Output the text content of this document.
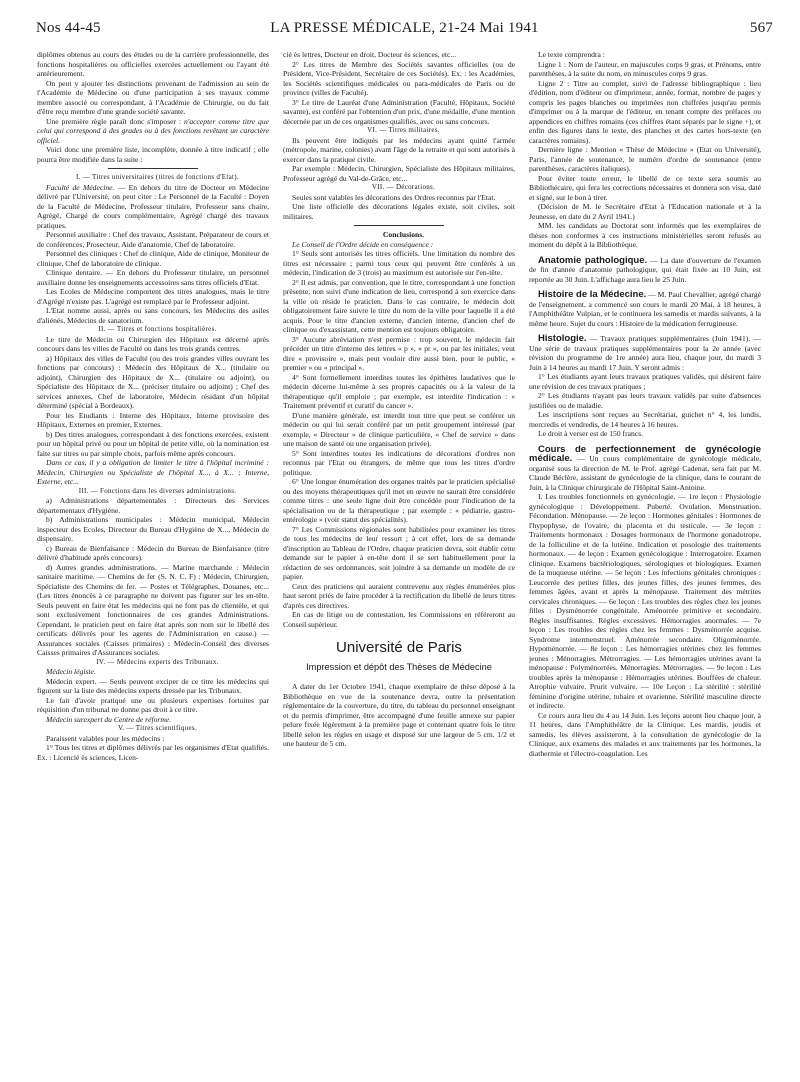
Nos 44-45	LA PRESSE MÉDICALE, 21-24 Mai 1941	567

diplômes obtenus au cours des études ou de la carrière professionnelle, des fonctions hospitalières ou officielles exercées actuellement ou l'ayant été antérieurement.

On peut y ajouter les distinctions provenant de l'admission au sein de l'Académie de Médecine ou d'une participation à ses travaux comme membre associé ou correspondant, à l'Académie de Chirurgie, ou du fait d'être reçu membre d'une grande société savante.

Une première règle paraît donc s'imposer : n'accepter comme titre que celui qui correspond à des grades ou à des fonctions revêtant un caractère officiel.

Voici donc une première liste, incomplète, donnée à titre indicatif ; elle pourra être modifiée dans la suite :

I. — Titres universitaires (titres de fonctions d'Etat).

Faculté de Médecine. — En dehors du titre de Docteur en Médecine délivré par l'Université, on peut citer : Le Personnel de la Faculté : Doyen de la Faculté de Médecine, Professeur titulaire, Professeur sans chaire, Agrégé, Chargé de cours complémentaire, Agrégé chargé des travaux pratiques.

Personnel auxiliaire : Chef des travaux, Assistant, Préparateur de cours et de conférences, Prosecteur, Aide d'anatomie, Chef de laboratoire.

Personnel des cliniques : Chef de clinique, Aide de clinique, Moniteur de clinique, Chef de laboratoire de clinique.

Clinique dentaire. — En dehors du Professeur titulaire, un personnel auxiliaire donne les enseignements accessoires sans titres officiels d'Etat.

Les Ecoles de Médecine comportent des titres analogues, mais le titre d'Agrégé n'existe pas. L'agrégé est remplacé par le Professeur adjoint.

L'Etat nomme aussi, après ou sans concours, les Médecins des asiles d'aliénés, Médecins de sanatorium.

II. — Titres et fonctions hospitalières.

Le titre de Médecin ou Chirurgien des Hôpitaux est décerné après concours dans les villes de Faculté ou dans les trois grands centres.

a) Hôpitaux des villes de Faculté (ou des trois grandes villes ouvrant les fonctions par concours) : Médecin des Hôpitaux de X... (titulaire ou adjoint), Chirurgien des Hôpitaux de X... (titulaire ou adjoint), ou Spécialiste des Hôpitaux de X... (préciser titulaire ou adjoint) ; Chef des services annexes, Chef de laboratoire, Médecin résidant d'un hôpital déterminé (spécial à Bordeaux).

Pour les Etudiants : Interne des Hôpitaux, Interne provisoire des Hôpitaux, Externes en premier, Externes.

b) Des titres analogues, correspondant à des fonctions exercées, existent pour un hôpital privé ou pour un hôpital de petite ville, où la nomination est faite sur titres ou par simple choix, parfois même après concours.

Dans ce cas, il y a obligation de limiter le titre à l'hôpital incriminé : Médecin, Chirurgien ou Spécialiste de l'hôpital X..., à X... ; Interne, Externe, etc...

III. — Fonctions dans les diverses administrations.

a) Administrations départementales : Directeurs des Services départementaux d'Hygiène.

b) Administrations municipales : Médecin municipal, Médecin inspecteur des Ecoles, Directeur du Bureau d'Hygiène de X..., Médecin de dispensaire.

c) Bureau de Bienfaisance : Médecin du Bureau de Bienfaisance (titre délivré d'habitude après concours).

d) Autres grandes administrations. — Marine marchande : Médecin sanitaire maritime. — Chemins de fer (S. N. C. F) : Médecin, Chirurgien, Spécialiste des Chemins de fer. — Postes et Télégraphes, Douanes, etc... (Les titres énoncés à ce paragraphe ne doivent pas figurer sur les en-tête. Seuls peuvent en faire état les médecins qui ne font pas de clientèle, et qui sont exclusivement fonctionnaires de ces grandes Administrations. Cependant, le praticien peut en faire état après son nom sur le libellé des certificats délivrés pour les agents de l'Administration en cause.) — Assurances sociales (Caisses primaires) : Médecin-Conseil des diverses Caisses primaires d'Assurances sociales.

IV. — Médecins experts des Tribunaux.

Médecin légiste.

Médecin expert. — Seuls peuvent exciper de ce titre les médecins qui figurent sur la liste des médecins experts dressée par les Tribunaux.

Le fait d'avoir pratiqué une ou plusieurs expertises fortuites par réquisition d'un tribunal ne donne pas droit à ce titre.

Médecin surexpert du Centre de réforme.

V. — Titres scientifiques.

Paraissent valables pour les médecins :

1° Tous les titres et diplômes délivrés par les organismes d'Etat qualifiés. Ex. : Licencié ès sciences, Licen-

cié ès lettres, Docteur en droit, Docteur ès sciences, etc...

2° Les titres de Membre des Sociétés savantes officielles (ou de Président, Vice-Président, Secrétaire de ces Sociétés). Ex. : les Académies, les Sociétés scientifiques médicales ou para-médicales de Paris ou de province (villes de Faculté).

3° Le titre de Lauréat d'une Administration (Faculté, Hôpitaux, Société savante), est conféré par l'obtention d'un prix, d'une médaille, d'une mention décernée par un de ces organismes qualifiés, avec ou sans concours.

VI. — Titres militaires.

Ils peuvent être indiqués par les médecins ayant quitté l'armée (métropole, marine, colonies) avant l'âge de la retraite et qui sont autorisés à exercer dans la pratique civile.

Par exemple : Médecin, Chirurgien, Spécialiste des Hôpitaux militaires, Professeur agrégé du Val-de-Grâce, etc...

VII. — Décorations.

Seules sont valables les décorations des Ordres reconnus par l'Etat.

Une liste officielle des décorations légales existe, soit civiles, soit militaires.

Conclusions.

Le Conseil de l'Ordre décide en conséquence :

1° Seuls sont autorisés les titres officiels. Une limitation du nombre des titres est nécessaire ; parmi tous ceux qui peuvent être conférés à un médecin, l'indication de 3 (trois) au maximum est autorisée sur l'en-tête.

2° Il est admis, par convention, que le titre, correspondant à une fonction présente, non suivi d'une indication de lieu, correspond à son exercice dans la ville où réside le praticien. Dans le cas contraire, le médecin doit obligatoirement faire suivre le titre du nom de la ville pour laquelle il a été acquis. Pour le titre d'ancien externe, d'ancien interne, d'ancien chef de clinique ou d'exassistant, cette mention est toujours obligatoire.

3° Aucune abréviation n'est permise : trop souvent, le médecin fait précéder un titre d'interne des lettres « p », « pr », ou par les initiales, veut dire « provisoire », mais peut vouloir dire aussi bien, pour le public, « premier » ou « principal ».

4° Sont formellement interdites toutes les épithètes laudatives que le médecin décerne lui-même à ses propres capacités ou à la valeur de la thérapeutique qu'il emploie ; par exemple, est interdite l'indication : « Traitement préventif et curatif du cancer ».

D'une manière générale, est interdit tout titre que peut se conférer un médecin ou qui lui serait conféré par un petit groupement intéressé (par exemple, « Directeur » de clinique particulière, « Chef de service » dans une maison de santé ou une organisation privée).

5° Sont interdites toutes les indications de décorations d'ordres non reconnus par l'Etat ou étrangers, de même que tous les titres d'ordre politique.

6° Une longue énumération des organes traités par le praticien spécialisé ou des moyens thérapeutiques qu'il met en œuvre ne saurait être considérée comme titres : une seule ligne doit être concédée pour l'indication de la spécialisation ou de la thérapeutique ; par exemple : « pédiatrie, gastro-entérologie » (voir statut des spécialités).

7° Les Commissions régionales sont habilitées pour examiner les titres de tous les médecins de leur ressort ; à cet effet, lors de sa demande d'inscription au Tableau de l'Ordre, chaque praticien devra, soit établir cette demande sur le papier à en-tête dont il se sert habituellement pour la rédaction de ses ordonnances, soit joindre à sa demande un modèle de ce papier.

Ceux des praticiens qui auraient contrevenu aux règles énumérées plus haut seront priés de faire procéder à la rectification du libellé de leurs titres d'après ces directives.

En cas de litige ou de contestation, les Commissions en référeront au Conseil supérieur.

Université de Paris
Impression et dépôt des Thèses de Médecine

A dater du 1er Octobre 1941, chaque exemplaire de thèse déposé à la Bibliothèque en vue de la soutenance devra, outre la présentation réglementaire de la couverture, du titre, du tableau du personnel enseignant et du permis d'imprimer, être accompagné d'une feuille annexe sur papier pelure fixée légèrement à la première page et contenant quatre fois le titre libellé selon les règles en usage et disposé sur une largeur de 5 cm. 1/2 et une hauteur de 5 cm.

Le texte comprendra :

Ligne 1 : Nom de l'auteur, en majuscules corps 9 gras, et Prénoms, entre parenthèses, à la suite du nom, en minuscules corps 9 gras.

Ligne 2 : Titre au complet, suivi de l'adresse bibliographique : lieu d'édition, nom d'éditeur ou d'imprimeur, année, format, nombre de pages y compris les pages blanches ou imprimées non chiffrées jusqu'au permis d'imprimer ou à la marque de l'éditeur, en tenant compte des préfaces ou appendices en chiffres romains (ces chiffres étant séparés par le signe +), et enfin des figures dans le texte, des planches et des cartes hors-texte (en caractères romains).

Dernière ligne : Mention « Thèse de Médecine » (Etat ou Université), Paris, l'année de soutenance, le numéro d'ordre de soutenance (entre parenthèses, caractères italiques).

Pour éviter toute erreur, le libellé de ce texte sera soumis au Bibliothécaire, qui fera les corrections nécessaires et donnera son visa, daté et signé, sur le bon à tirer.

(Décision de M. le Secrétaire d'Etat à l'Education nationale et à la Jeunesse, en date du 2 Avril 1941.)

MM. les candidats au Doctorat sont informés que les exemplaires de thèses non conformes à ces instructions ministérielles seront refusés au moment du dépôt à la Bibliothèque.

Anatomie pathologique. — La date d'ouverture de l'examen de fin d'année d'anatomie pathologique, qui était fixée au 10 Juin, est reportée au 30 Juin. L'affichage aura lieu le 25 Juin.

Histoire de la Médecine. — M. Paul Chevallier, agrégé chargé de l'enseignement, a commencé son cours le mardi 20 Mai, à 18 heures, à l'Amphithéâtre Vulpian, et le continuera les samedis et mardis suivants, à la même heure. Sujet du cours : Histoire de la médication ferrugineuse.

Histologie. — Travaux pratiques supplémentaires (Juin 1941). — Une série de travaux pratiques supplémentaires pour la 2e année (avec révision du programme de 1re année) aura lieu, chaque jour, du mardi 3 Juin à 14 heures au mardi 17 Juin. Y seront admis :

1° Les étudiants ayant leurs travaux pratiques validés, qui désirent faire une révision de ces travaux pratiques ;

2° Les étudiants n'ayant pas leurs travaux validés par suite d'absences justifiées ou de maladie.

Les inscriptions sont reçues au Secrétariat, guichet n° 4, les lundis, mercredis et vendredis, de 14 heures à 16 heures.

Le droit à verser est de 150 francs.

Cours de perfectionnement de gynécologie médicale. — Un cours complémentaire de gynécologie médicale, organisé sous la direction de M. le Prof. agrégé Cadenat, sera fait par M. Claude Béclère, assistant de gynécologie de la clinique, dans le courant de Juin, à la Clinique chirurgicale de l'Hôpital Saint-Antoine.

I. Les troubles fonctionnels en gynécologie. — 1re leçon : Physiologie gynécologique : Développement. Puberté. Ovulation. Menstruation. Fécondation. Ménopause. — 2e leçon : Hormones génitales : Hormones de l'hypophyse, de l'ovaire, du placenta et du testicule. — 3e leçon : Traitements hormonaux : Dosages hormonaux de l'hormone gonadotrope, de la folliculine et de la lutéine. Indication et posologie des traitements hormonaux. — 4e leçon : Examen gynécologique : Interrogatoire. Examen clinique. Examens bactériologiques, sérologiques et biologiques. Examen de la muqueuse utérine. — 5e leçon : Les infections génitales chroniques : Leucorrée des petites filles, des jeunes filles, des jeunes femmes, des femmes âgées, avant et après la ménopause. Traitement des métrites cervicales chroniques. — 6e leçon : Les troubles des règles chez les jeunes filles : Dysménorrée congénitale. Aménorrée primitive et secondaire. Règles insuffisantes. Règles excessives. Hémorragies anormales. — 7e leçon : Les troubles des règles chez les femmes : Dysménorrée acquise. Syndrome intermenstruel. Aménorrée secondaire. Oligoménorrée. Hypoménorrée. — 8e leçon : Les hémorragies utérines chez les femmes jeunes : Ménorragies. Métrorragies. — Les hémorragies utérines avant la ménopause : Polyménorrées. Ménorragies. Métrorragies. — 9e leçon : Les troubles après la ménopause : Hémorragies utérines. Bouffées de chaleur. Atrophie vulvaire. Prurit vulvaire. — 10e Leçon : La stérilité : stérilité féminine d'origine utérine, tubaire et ovarienne. Stérilité masculine directe et indirecte.

Ce cours aura lieu du 4 au 14 Juin. Les leçons auront lieu chaque jour, à 11 heures, dans l'Amphithéâtre de la Clinique. Les mardis, jeudis et samedis, les élèves assisteront, à la consultation de gynécologie de la Clinique, aux examens des malades et aux traitements par les hormones, la diathermie et l'électro-coagulation. Les
